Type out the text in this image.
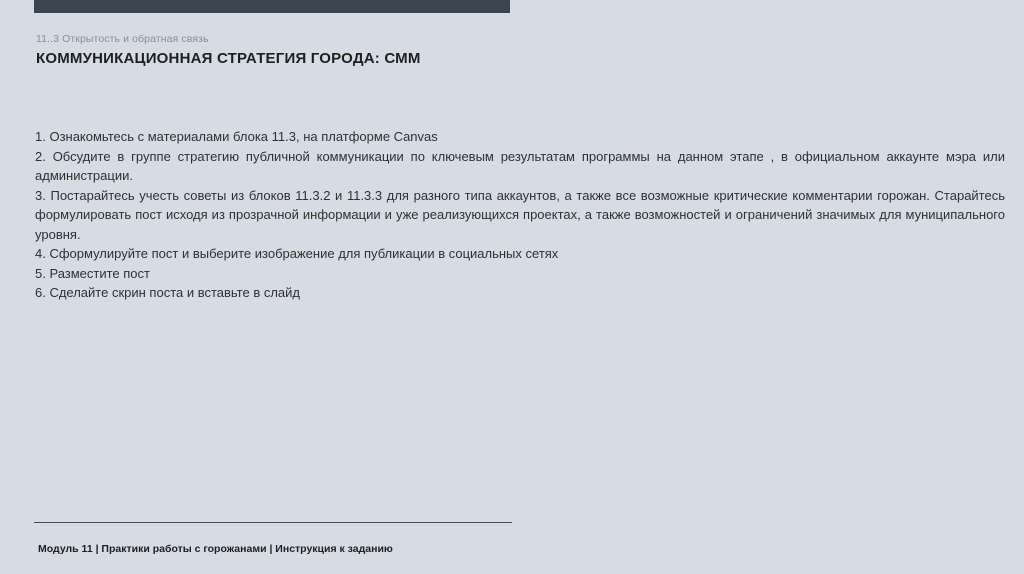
11..3 Открытость и обратная связь
КОММУНИКАЦИОННАЯ СТРАТЕГИЯ ГОРОДА: СММ

1. Ознакомьтесь с материалами блока 11.3, на платформе Canvas

2. Обсудите в группе стратегию публичной коммуникации по ключевым результатам программы на данном этапе , в официальном аккаунте мэра или администрации.

3. Постарайтесь учесть советы из блоков 11.3.2 и 11.3.3 для разного типа аккаунтов, а также все возможные критические комментарии горожан. Старайтесь формулировать пост исходя из прозрачной информации и уже реализующихся проектах, а также возможностей и ограничений значимых для муниципального уровня.

4. Сформулируйте пост и выберите изображение для публикации в социальных сетях

5. Разместите пост

6. Сделайте скрин поста и вставьте в слайд

Модуль 11 | Практики работы с горожанами | Инструкция к заданию
